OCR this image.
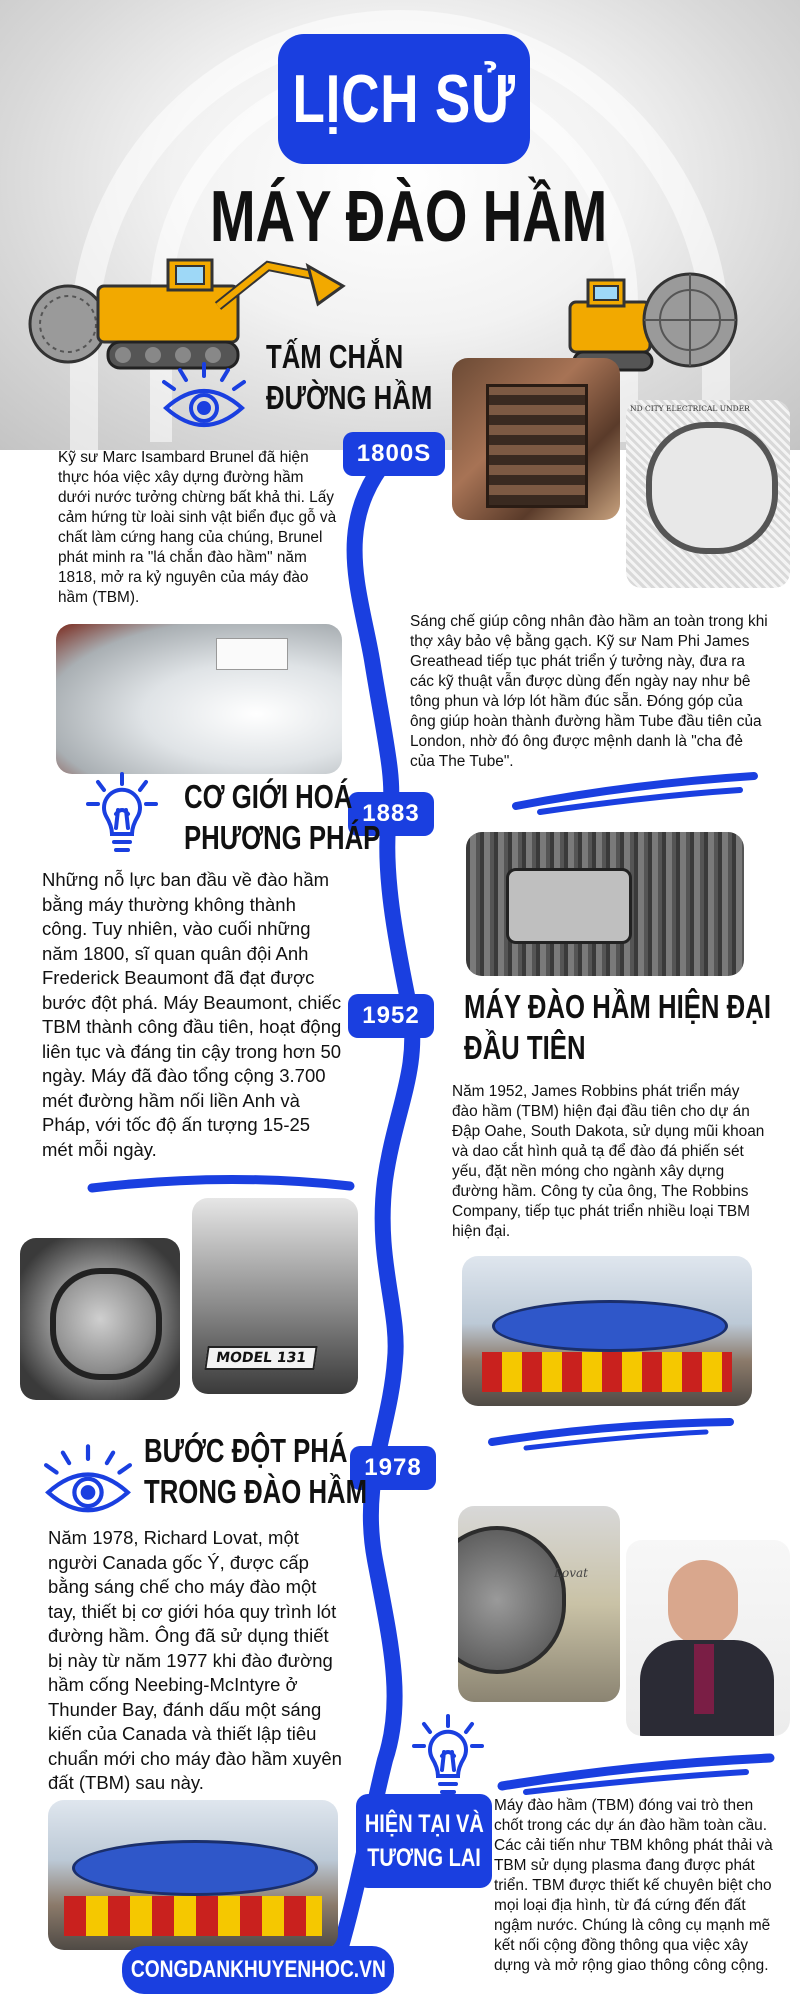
LỊCH SỬ
MÁY ĐÀO HẦM
1800S
1883
1952
1978
TẤM CHẮN
ĐƯỜNG HẦM
Kỹ sư Marc Isambard Brunel đã hiện thực hóa việc xây dựng đường hầm dưới nước tưởng chừng bất khả thi. Lấy cảm hứng từ loài sinh vật biển đục gỗ và chất làm cứng hang của chúng, Brunel phát minh ra "lá chắn đào hầm" năm 1818, mở ra kỷ nguyên của máy đào hầm (TBM).
ND CITY ELECTRICAL UNDER
Sáng chế giúp công nhân đào hầm an toàn trong khi thợ xây bảo vệ bằng gạch. Kỹ sư Nam Phi James Greathead tiếp tục phát triển ý tưởng này, đưa ra các kỹ thuật vẫn được dùng đến ngày nay như bê tông phun và lớp lót hầm đúc sẵn. Đóng góp của ông giúp hoàn thành đường hầm Tube đầu tiên của London, nhờ đó ông được mệnh danh là "cha đẻ của The Tube".
CƠ GIỚI HOÁ
PHƯƠNG PHÁP
Những nỗ lực ban đầu về đào hầm bằng máy thường không thành công. Tuy nhiên, vào cuối những năm 1800, sĩ quan quân đội Anh Frederick Beaumont đã đạt được bước đột phá. Máy Beaumont, chiếc TBM thành công đầu tiên, hoạt động liên tục và đáng tin cậy trong hơn 50 ngày. Máy đã đào tổng cộng 3.700 mét đường hầm nối liền Anh và Pháp, với tốc độ ấn tượng 15-25 mét mỗi ngày.
MÁY ĐÀO HẦM HIỆN ĐẠI
ĐẦU TIÊN
Năm 1952, James Robbins phát triển máy đào hầm (TBM) hiện đại đầu tiên cho dự án Đập Oahe, South Dakota, sử dụng mũi khoan và dao cắt hình quả tạ để đào đá phiến sét yếu, đặt nền móng cho ngành xây dựng đường hầm. Công ty của ông, The Robbins Company, tiếp tục phát triển nhiều loại TBM hiện đại.
MODEL 131
BƯỚC ĐỘT PHÁ
TRONG ĐÀO HẦM
Năm 1978, Richard Lovat, một người Canada gốc Ý, được cấp bằng sáng chế cho máy đào một tay, thiết bị cơ giới hóa quy trình lót đường hầm. Ông đã sử dụng thiết bị này từ năm 1977 khi đào đường hầm cống Neebing-McIntyre ở Thunder Bay, đánh dấu một sáng kiến của Canada và thiết lập tiêu chuẩn mới cho máy đào hầm xuyên đất (TBM) sau này.
Lovat
HIỆN TẠI VÀ
TƯƠNG LAI
Máy đào hầm (TBM) đóng vai trò then chốt trong các dự án đào hầm toàn cầu. Các cải tiến như TBM không phát thải và TBM sử dụng plasma đang được phát triển. TBM được thiết kế chuyên biệt cho mọi loại địa hình, từ đá cứng đến đất ngậm nước. Chúng là công cụ mạnh mẽ kết nối cộng đồng thông qua việc xây dựng và mở rộng giao thông công cộng.
CONGDANKHUYENHOC.VN
